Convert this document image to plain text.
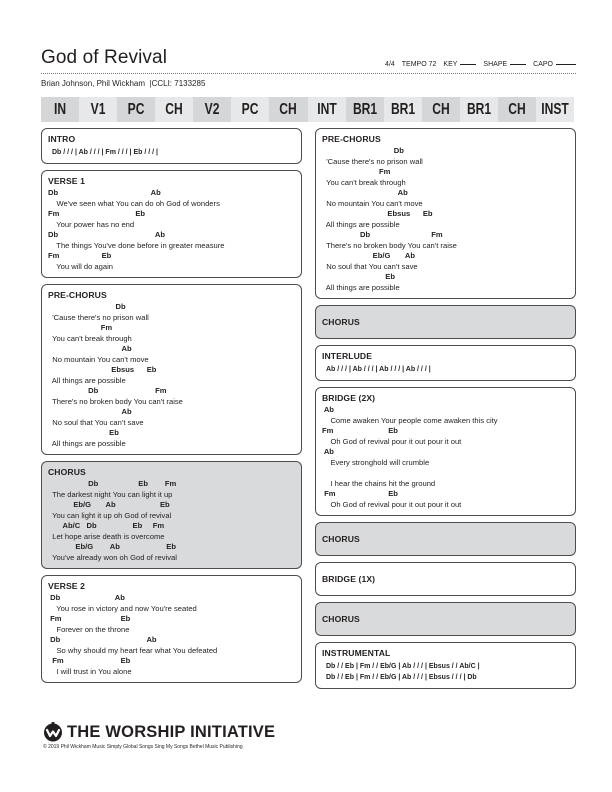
God of Revival	4/4 TEMPO 72 KEY	SHAPE	CAPO
Brian Johnson, Phil Wickham |CCLI: 7133285
IN	V1	PC	CH	V2	PC	CH	INT	BR1 BR1	CH	BR1	CH	INST
INTRO
Db / / / | Ab / / / | Fm / / / | Eb / / / |
VERSE 1
Db                                            Ab
We've seen what You can do oh God of wonders
Fm                                    Eb
Your power has no end
Db                                              Ab
The things You've done before in greater measure
Fm                    Eb
You will do again
PRE-CHORUS
Db
'Cause there's no prison wall
Fm
You can't break through
Ab
No mountain You can't move
Ebsus      Eb
All things are possible
Db                           Fm
There's no broken body You can't raise
Ab
No soul that You can't save
Eb
All things are possible
CHORUS
Db                   Eb        Fm
The darkest night You can light it up
Eb/G       Ab                     Eb
You can light it up oh God of revival
Ab/C   Db                 Eb     Fm
Let hope arise death is overcome
Eb/G        Ab                      Eb
You've already won oh God of revival
VERSE 2
Db                          Ab
You rose in victory and now You're seated
Fm                            Eb
Forever on the throne
Db                                         Ab
So why should my heart fear what You defeated
Fm                           Eb
I will trust in You alone
PRE-CHORUS
Db
'Cause there's no prison wall
Fm
You can't break through
Ab
No mountain You can't move
Ebsus      Eb
All things are possible
Db                             Fm
There's no broken body You can't raise
Eb/G       Ab
No soul that You can't save
Eb
All things are possible
CHORUS
INTERLUDE
Ab / / / | Ab / / / | Ab / / / | Ab / / / |
BRIDGE (2X)
Ab
Come awaken Your people come awaken this city
Fm                          Eb
Oh God of revival pour it out pour it out
Ab
Every stronghold will crumble

I hear the chains hit the ground
Fm                         Eb
Oh God of revival pour it out pour it out
CHORUS
BRIDGE (1X)
CHORUS
INSTRUMENTAL
Db / / Eb | Fm / / Eb/G | Ab / / / | Ebsus / / Ab/C |
Db / / Eb | Fm / / Eb/G | Ab / / / | Ebsus / / / | Db
THE WORSHIP INITIATIVE
© 2019 Phil Wickham Music Simply Global Songs Sing My Songs Bethel Music Publishing
